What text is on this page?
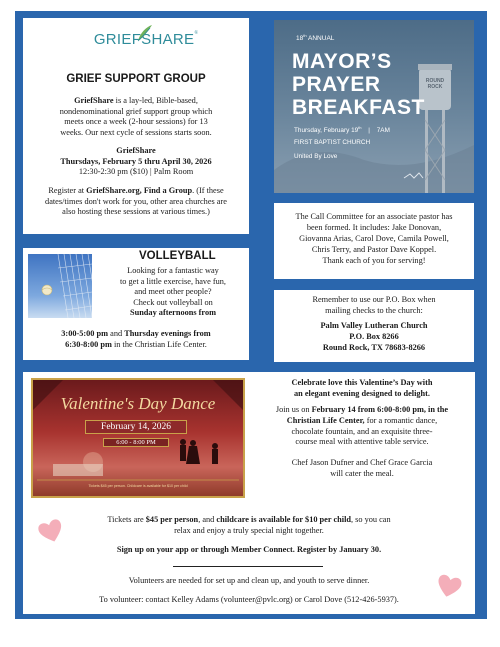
GRIEFSHARE®
GRIEF SUPPORT GROUP
GriefShare is a lay-led, Bible-based,
nondenominational grief support group which
meets once a week (2-hour sessions) for 13
weeks. Our next cycle of sessions starts soon.
GriefShare
Thursdays, February 5 thru April 30, 2026
12:30-2:30 pm ($10) | Palm Room
Register at GriefShare.org, Find a Group. (If these
dates/times don't work for you, other area churches are
also hosting these sessions at various times.)
ROUND ROCK
18th ANNUAL
MAYOR’S
PRAYER
BREAKFAST
Thursday, February 19th | 7AM
FIRST BAPTIST CHURCH
United By Love
The Call Committee for an associate pastor has
been formed. It includes: Jake Donovan,
Giovanna Arias, Carol Dove, Camila Powell,
Chris Terry, and Pastor Dave Koppel.
Thank each of you for serving!
Remember to use our P.O. Box when
mailing checks to the church:
Palm Valley Lutheran Church
P.O. Box 8266
Round Rock, TX 78683-8266
VOLLEYBALL
Looking for a fantastic way
to get a little exercise, have fun,
and meet other people?
Check out volleyball on
Sunday afternoons from
3:00-5:00 pm and Thursday evenings from
6:30-8:00 pm in the Christian Life Center.
Valentine's Day Dance
February 14, 2026
6:00 - 8:00 PM
Tickets $45 per person. Childcare is available for $10 per child
Celebrate love this Valentine’s Day with
an elegant evening designed to delight.
Join us on February 14 from 6:00-8:00 pm, in the
Christian Life Center, for a romantic dance,
chocolate fountain, and an exquisite three-
course meal with attentive table service.
Chef Jason Dufner and Chef Grace Garcia
will cater the meal.
Tickets are $45 per person, and childcare is available for $10 per child, so you can
relax and enjoy a truly special night together.
Sign up on your app or through Member Connect. Register by January 30.
Volunteers are needed for set up and clean up, and youth to serve dinner.
To volunteer: contact Kelley Adams (volunteer@pvlc.org) or Carol Dove (512-426-5937).
